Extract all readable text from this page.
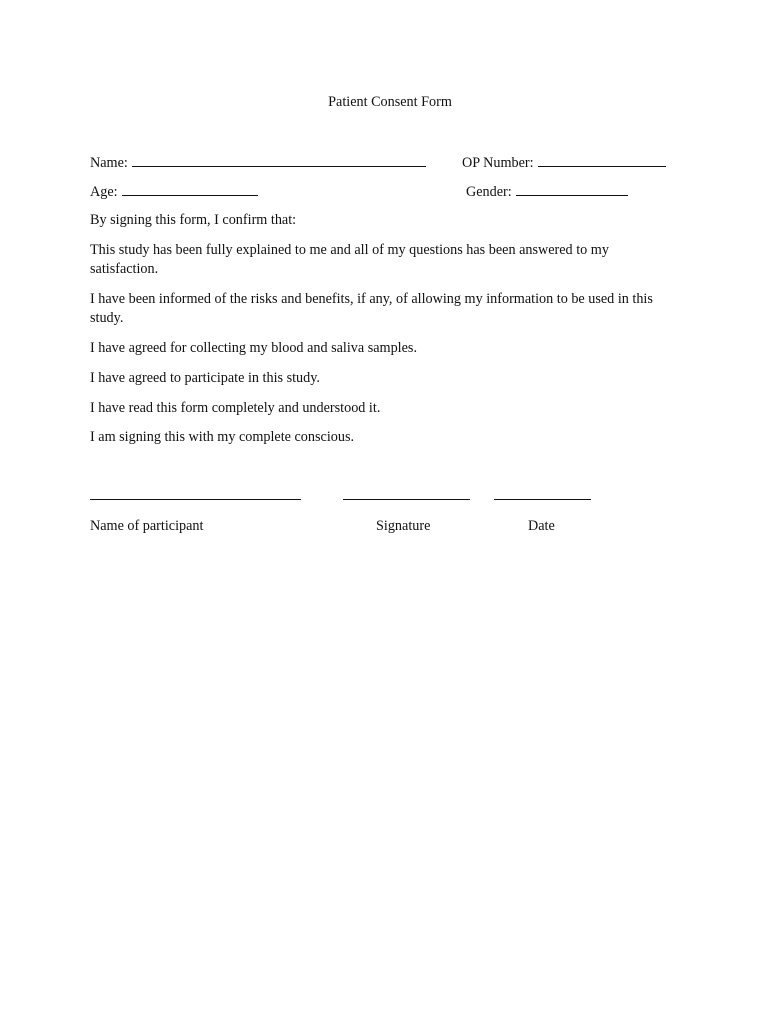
Patient Consent Form
Name:	OP Number:
Age:	Gender:
By signing this form, I confirm that:
This study has been fully explained to me and all of my questions has been answered to my satisfaction.
I have been informed of the risks and benefits, if any, of allowing my information to be used in this study.
I have agreed for collecting my blood and saliva samples.
I have agreed to participate in this study.
I have read this form completely and understood it.
I am signing this with my complete conscious.
Name of participant	Signature	Date
